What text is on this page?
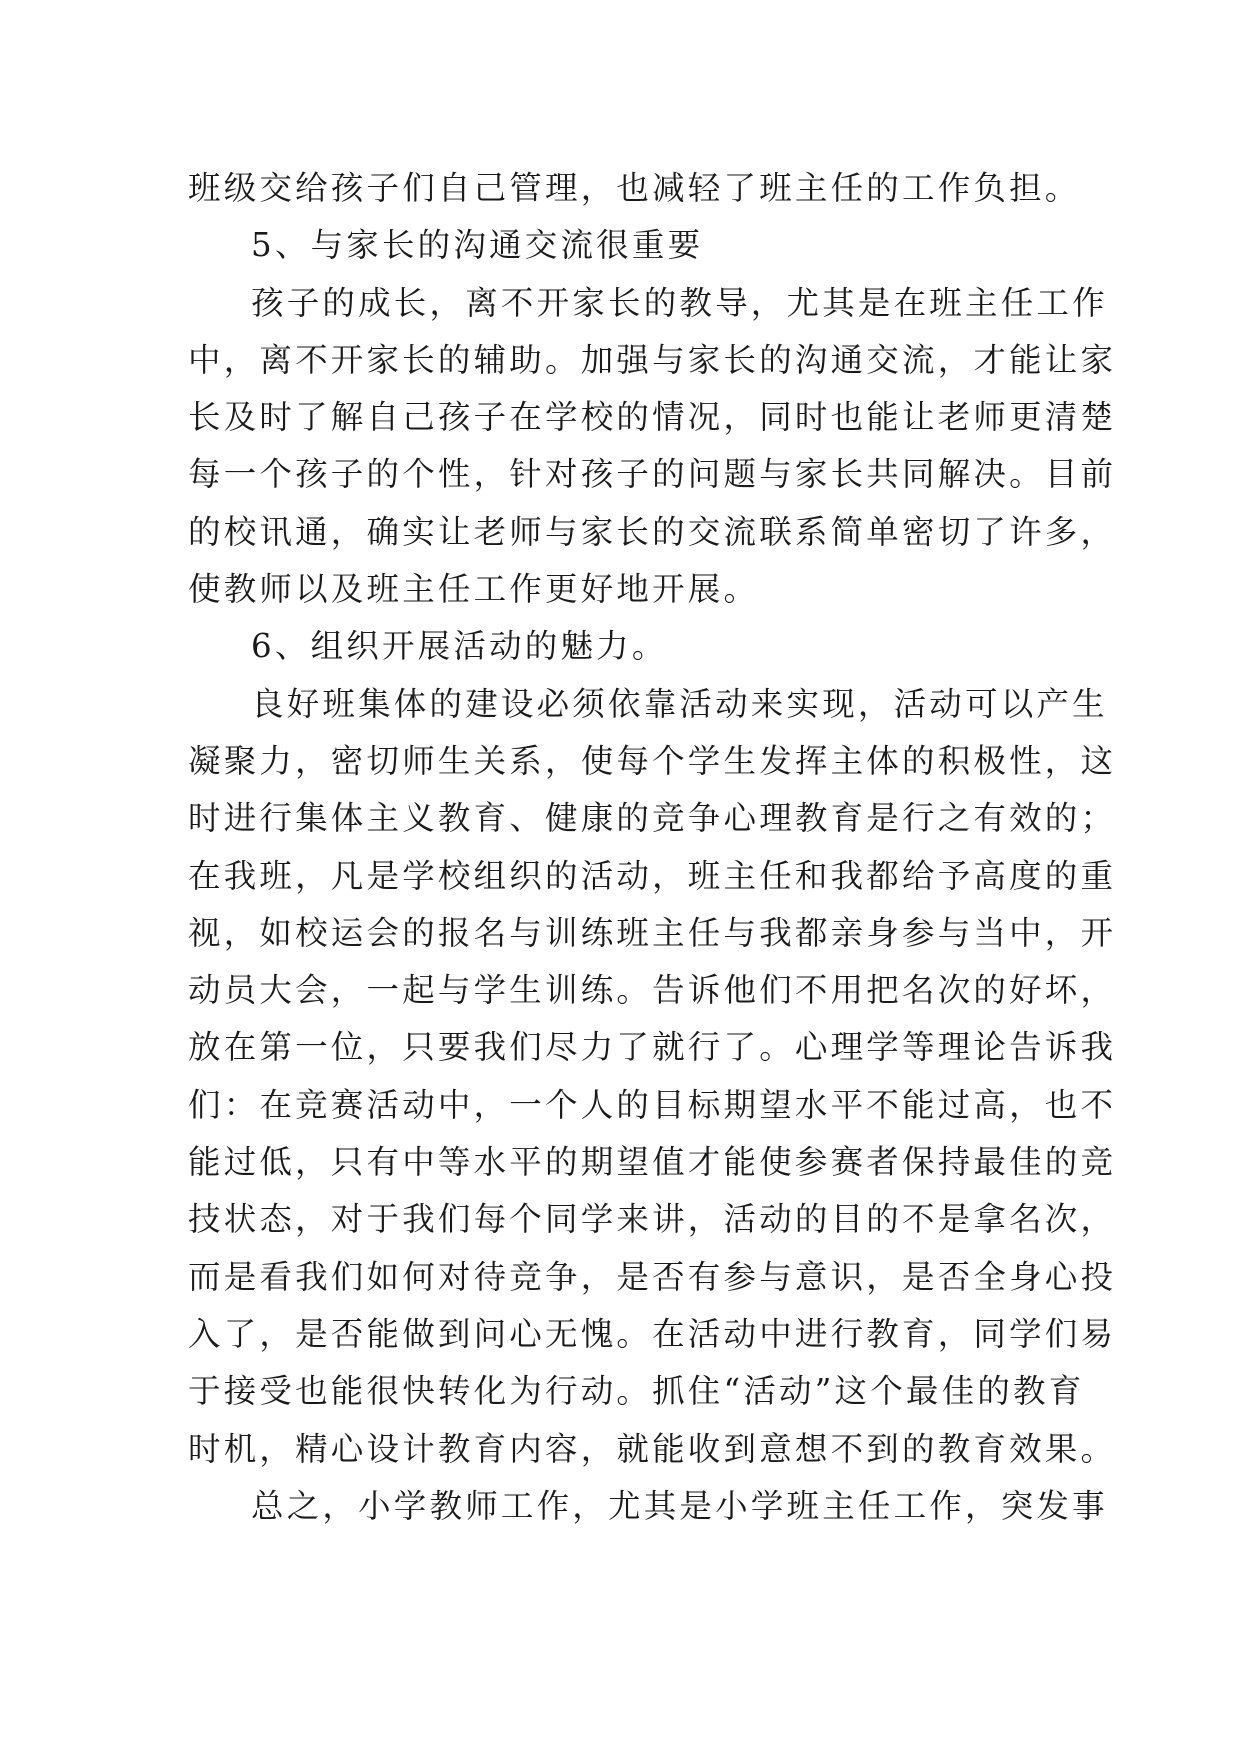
班级交给孩子们自己管理，也减轻了班主任的工作负担。
5、与家长的沟通交流很重要
孩子的成长，离不开家长的教导，尤其是在班主任工作
中，离不开家长的辅助。加强与家长的沟通交流，才能让家
长及时了解自己孩子在学校的情况，同时也能让老师更清楚
每一个孩子的个性，针对孩子的问题与家长共同解决。目前
的校讯通，确实让老师与家长的交流联系简单密切了许多，
使教师以及班主任工作更好地开展。
6、组织开展活动的魅力。
良好班集体的建设必须依靠活动来实现，活动可以产生
凝聚力，密切师生关系，使每个学生发挥主体的积极性，这
时进行集体主义教育、健康的竞争心理教育是行之有效的；
在我班，凡是学校组织的活动，班主任和我都给予高度的重
视，如校运会的报名与训练班主任与我都亲身参与当中，开
动员大会，一起与学生训练。告诉他们不用把名次的好坏，
放在第一位，只要我们尽力了就行了。心理学等理论告诉我
们：在竞赛活动中，一个人的目标期望水平不能过高，也不
能过低，只有中等水平的期望值才能使参赛者保持最佳的竞
技状态，对于我们每个同学来讲，活动的目的不是拿名次，
而是看我们如何对待竞争，是否有参与意识，是否全身心投
入了，是否能做到问心无愧。在活动中进行教育，同学们易
于接受也能很快转化为行动。抓住“活动”这个最佳的教育
时机，精心设计教育内容，就能收到意想不到的教育效果。
总之，小学教师工作，尤其是小学班主任工作，突发事
